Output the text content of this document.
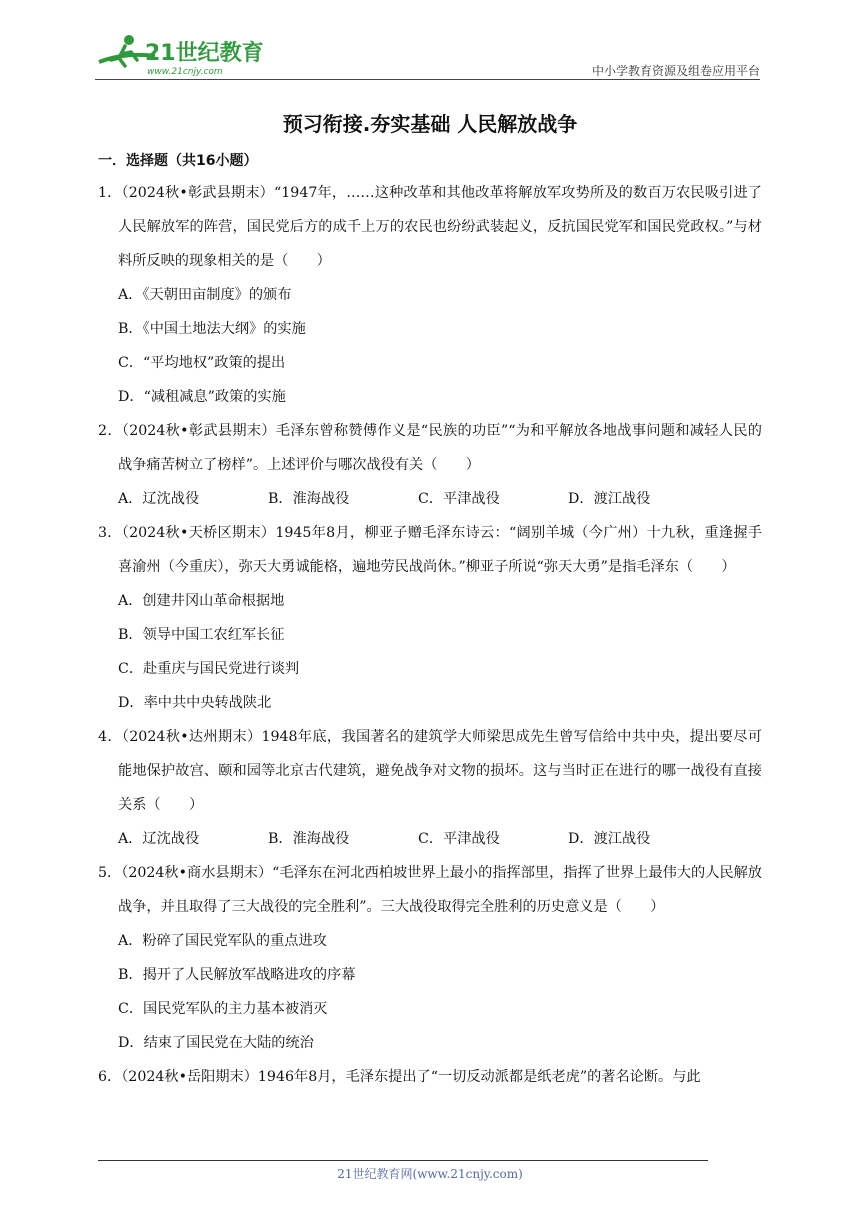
21世纪教育
www.21cnjy.com	中小学教育资源及组卷应用平台
预习衔接.夯实基础 人民解放战争
一．选择题（共16小题）
1．（2024秋•彰武县期末）“1947年，……这种改革和其他改革将解放军攻势所及的数百万农民吸引进了人民解放军的阵营，国民党后方的成千上万的农民也纷纷武装起义，反抗国民党军和国民党政权。”与材料所反映的现象相关的是（　　）
A．《天朝田亩制度》的颁布
B．《中国土地法大纲》的实施
C．“平均地权”政策的提出
D．“减租减息”政策的实施
2．（2024秋•彰武县期末）毛泽东曾称赞傅作义是“民族的功臣”“为和平解放各地战事问题和减轻人民的战争痛苦树立了榜样”。上述评价与哪次战役有关（　　）
A．辽沈战役	B．淮海战役	C．平津战役	D．渡江战役
3．（2024秋•天桥区期末）1945年8月，柳亚子赠毛泽东诗云：“阔别羊城（今广州）十九秋，重逢握手喜渝州（今重庆），弥天大勇诚能格，遍地劳民战尚休。”柳亚子所说“弥天大勇”是指毛泽东（　　）
A．创建井冈山革命根据地
B．领导中国工农红军长征
C．赴重庆与国民党进行谈判
D．率中共中央转战陕北
4．（2024秋•达州期末）1948年底，我国著名的建筑学大师梁思成先生曾写信给中共中央，提出要尽可能地保护故宫、颐和园等北京古代建筑，避免战争对文物的损坏。这与当时正在进行的哪一战役有直接关系（　　）
A．辽沈战役	B．淮海战役	C．平津战役	D．渡江战役
5．（2024秋•商水县期末）“毛泽东在河北西柏坡世界上最小的指挥部里，指挥了世界上最伟大的人民解放战争，并且取得了三大战役的完全胜利”。三大战役取得完全胜利的历史意义是（　　）
A．粉碎了国民党军队的重点进攻
B．揭开了人民解放军战略进攻的序幕
C．国民党军队的主力基本被消灭
D．结束了国民党在大陆的统治
6．（2024秋•岳阳期末）1946年8月，毛泽东提出了“一切反动派都是纸老虎”的著名论断。与此
21世纪教育网(www.21cnjy.com)
